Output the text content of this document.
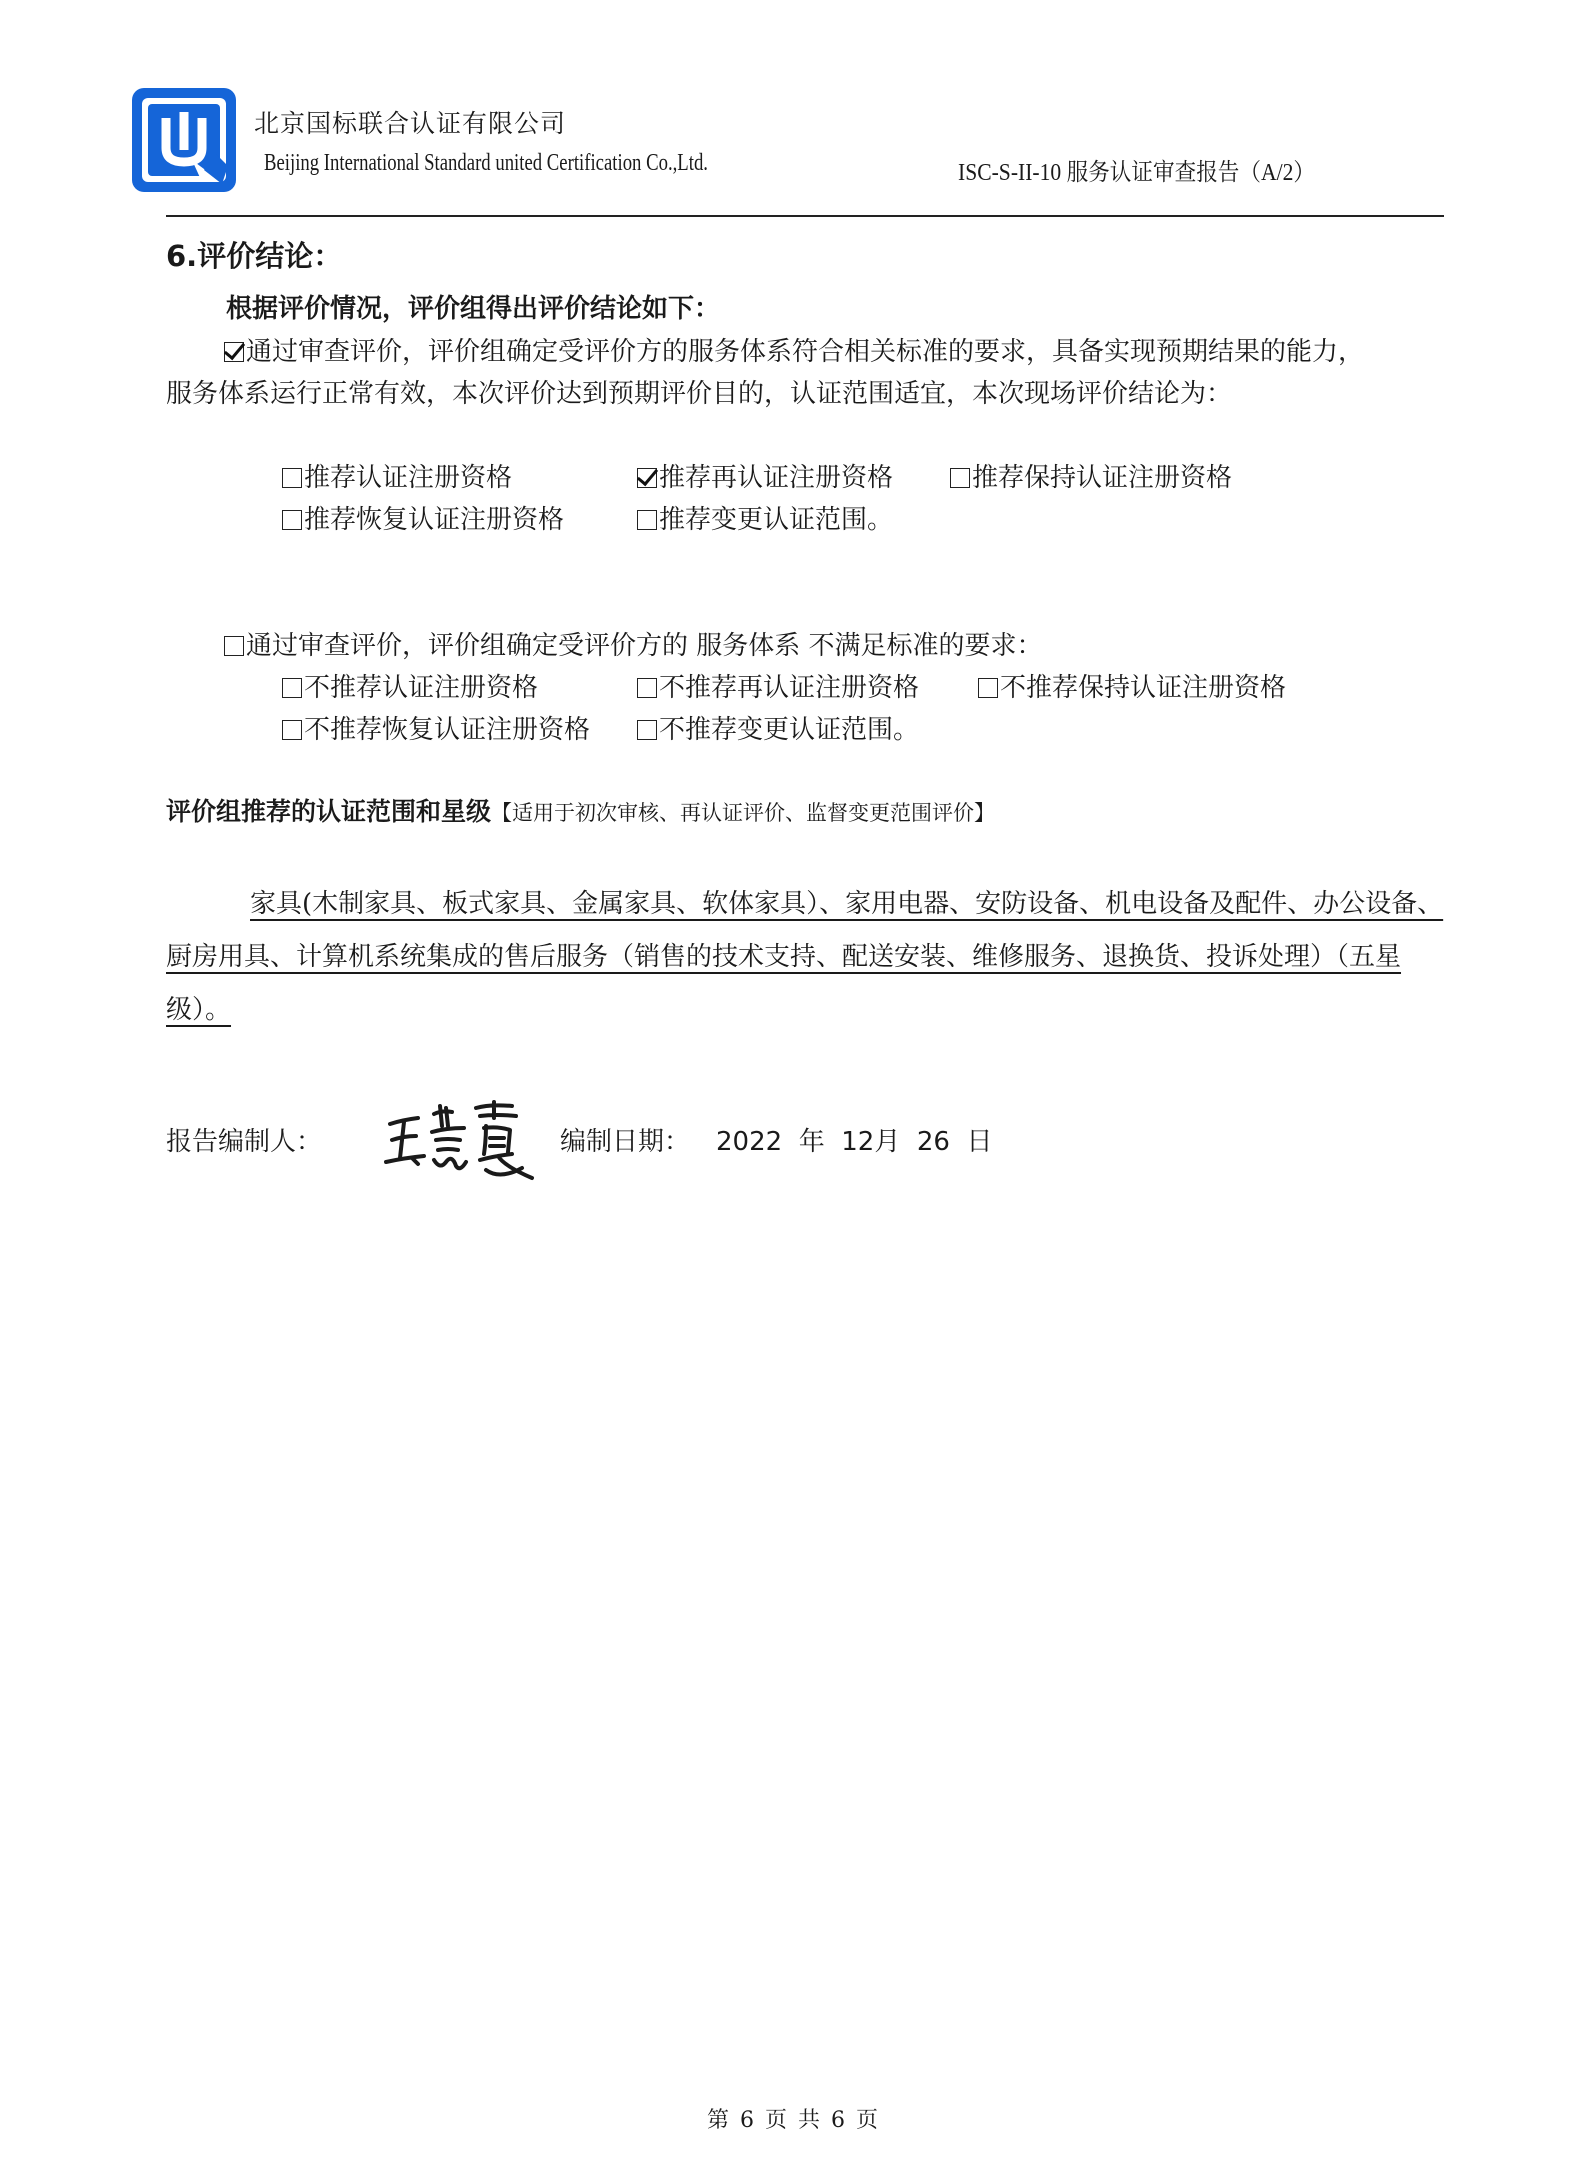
北京国标联合认证有限公司
Beijing International Standard united Certification Co.,Ltd.	ISC-S-II-10 服务认证审查报告（A/2）
6.评价结论：
根据评价情况，评价组得出评价结论如下：
通过审查评价，评价组确定受评价方的服务体系符合相关标准的要求，具备实现预期结果的能力，
服务体系运行正常有效，本次评价达到预期评价目的，认证范围适宜，本次现场评价结论为：
推荐认证注册资格	推荐再认证注册资格	推荐保持认证注册资格
推荐恢复认证注册资格	推荐变更认证范围。
通过审查评价，评价组确定受评价方的 服务体系 不满足标准的要求：
不推荐认证注册资格	不推荐再认证注册资格	不推荐保持认证注册资格
不推荐恢复认证注册资格	不推荐变更认证范围。
评价组推荐的认证范围和星级【适用于初次审核、再认证评价、监督变更范围评价】
家具(木制家具、板式家具、金属家具、软体家具）、家用电器、安防设备、机电设备及配件、办公设备、厨房用具、计算机系统集成的售后服务（销售的技术支持、配送安装、维修服务、退换货、投诉处理）（五星级）。
报告编制人：	编制日期： 2022 年 12月 26 日
第 6 页 共 6 页
